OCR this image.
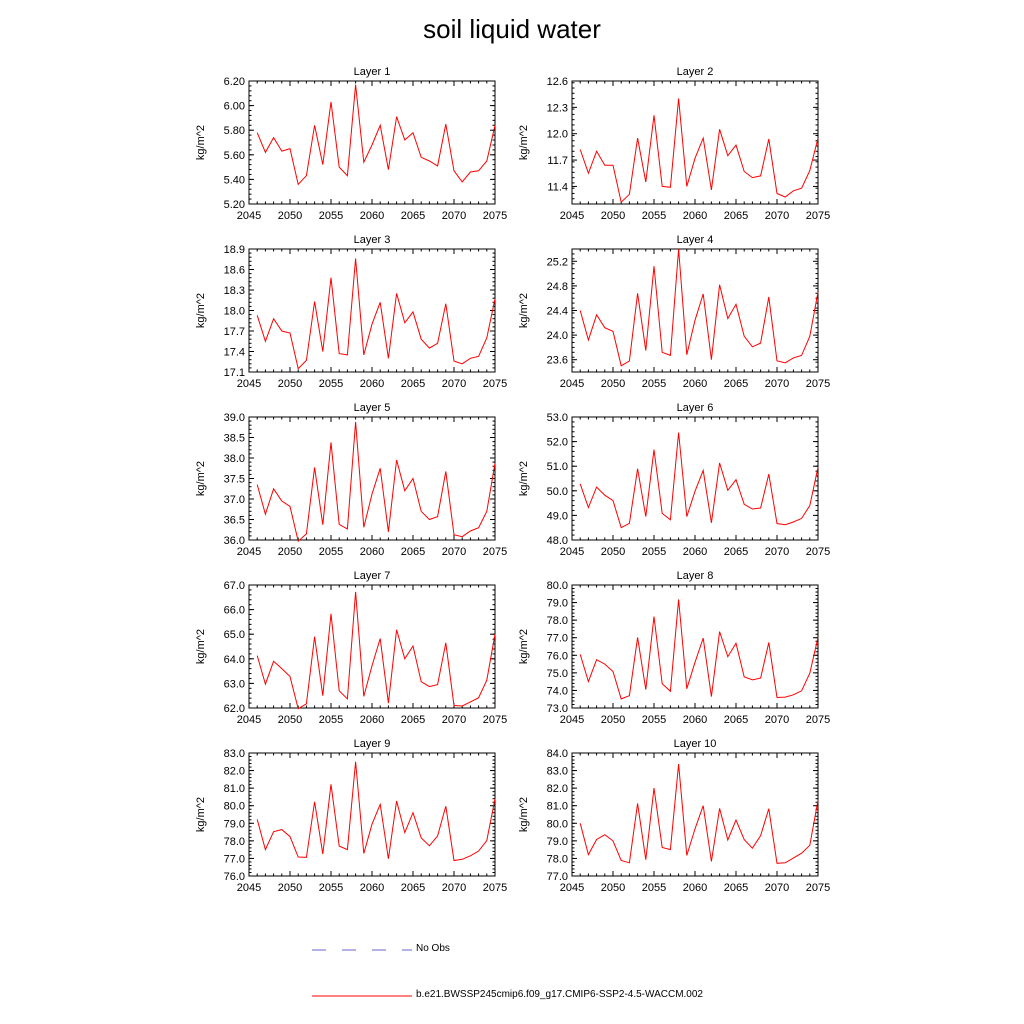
soil liquid water
Layer 1
2045 2050 2055 2060 2065 2070 2075
5.20
5.40
5.60
5.80
6.00
6.20
kg/m^2
Layer 2
2045 2050 2055 2060 2065 2070 2075
11.4
11.7
12.0
12.3
12.6
kg/m^2
Layer 3
2045 2050 2055 2060 2065 2070 2075
17.1
17.4
17.7
18.0
18.3
18.6
18.9
kg/m^2
Layer 4
2045 2050 2055 2060 2065 2070 2075
23.6
24.0
24.4
24.8
25.2
kg/m^2
Layer 5
2045 2050 2055 2060 2065 2070 2075
36.0
36.5
37.0
37.5
38.0
38.5
39.0
kg/m^2
Layer 6
2045 2050 2055 2060 2065 2070 2075
48.0
49.0
50.0
51.0
52.0
53.0
kg/m^2
Layer 7
2045 2050 2055 2060 2065 2070 2075
62.0
63.0
64.0
65.0
66.0
67.0
kg/m^2
Layer 8
2045 2050 2055 2060 2065 2070 2075
73.0
74.0
75.0
76.0
77.0
78.0
79.0
80.0
kg/m^2
Layer 9
2045 2050 2055 2060 2065 2070 2075
76.0
77.0
78.0
79.0
80.0
81.0
82.0
83.0
kg/m^2
Layer 10
2045 2050 2055 2060 2065 2070 2075
77.0
78.0
79.0
80.0
81.0
82.0
83.0
84.0
kg/m^2
No Obs
b.e21.BWSSP245cmip6.f09_g17.CMIP6-SSP2-4.5-WACCM.002
